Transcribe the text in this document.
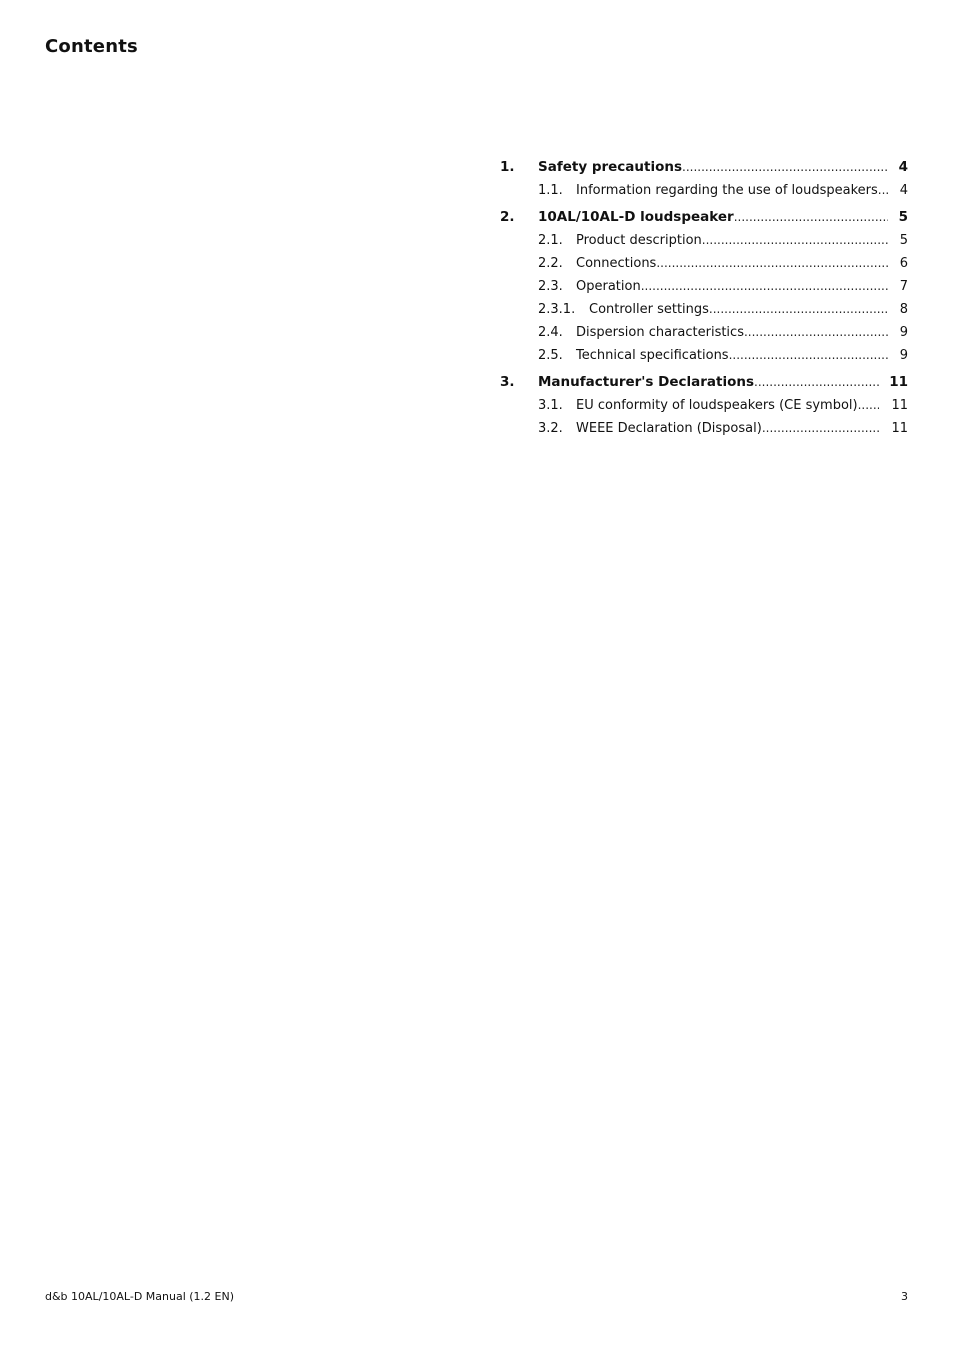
Contents
1.	Safety precautions .....	4
1.1.	Information regarding the use of loudspeakers .....	4
2.	10AL/10AL-D loudspeaker .....	5
2.1.	Product description .....	5
2.2.	Connections .....	6
2.3.	Operation .....	7
2.3.1.	Controller settings .....	8
2.4.	Dispersion characteristics .....	9
2.5.	Technical specifications .....	9
3.	Manufacturer's Declarations .....	11
3.1.	EU conformity of loudspeakers (CE symbol) .....	11
3.2.	WEEE Declaration (Disposal) .....	11

d&b 10AL/10AL-D Manual (1.2 EN)	3
